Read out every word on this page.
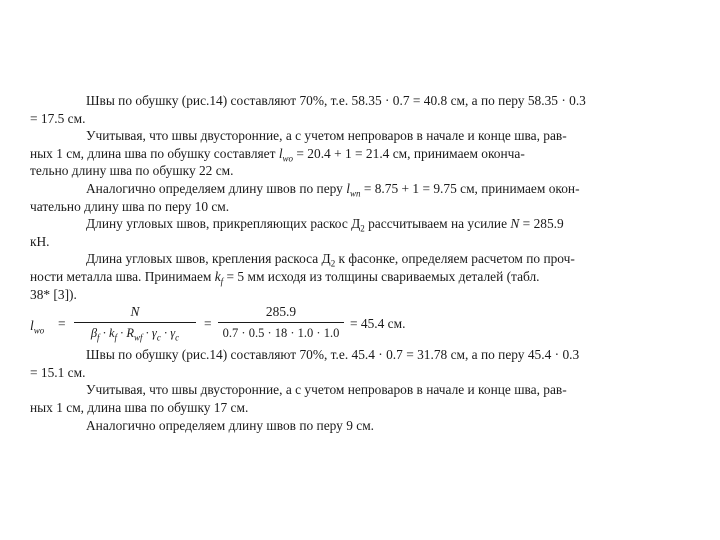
Швы по обушку (рис.14) составляют 70%, т.е. 58.35 · 0.7 = 40.8 см, а по перу 58.35 · 0.3
= 17.5 см.
Учитывая, что швы двусторонние, а с учетом непроваров в начале и конце шва, рав-
ных 1 см, длина шва по обушку составляет $l_{wo} = 20.4 + 1 = 21.4$ см, принимаем оконча-
тельно длину шва по обушку 22 см.
Аналогично определяем длину швов по перу $l_{wn} = 8.75 + 1 = 9.75$ см, принимаем окон-
чательно длину шва по перу 10 см.
Длину угловых швов, прикрепляющих раскос $Д_2$ рассчитываем на усилие N = 285.9
кН.
Длина угловых швов, крепления раскоса $Д_2$ к фасонке, определяем расчетом по проч-
ности металла шва. Принимаем $k_f = 5$ мм исходя из толщины свариваемых деталей (табл.
38* [3]).
$l_{wo}$ =
N
$\beta_f \cdot k_f \cdot R_{wf} \cdot \gamma_c \cdot \gamma_c$
=
285.9
0.7 · 0.5 · 18 · 1.0 · 1.0
= 45.4 см.
Швы по обушку (рис.14) составляют 70%, т.е. 45.4 · 0.7 = 31.78 см, а по перу 45.4 · 0.3
= 15.1 см.
Учитывая, что швы двусторонние, а с учетом непроваров в начале и конце шва, рав-
ных 1 см, длина шва по обушку 17 см.
Аналогично определяем длину швов по перу 9 см.
